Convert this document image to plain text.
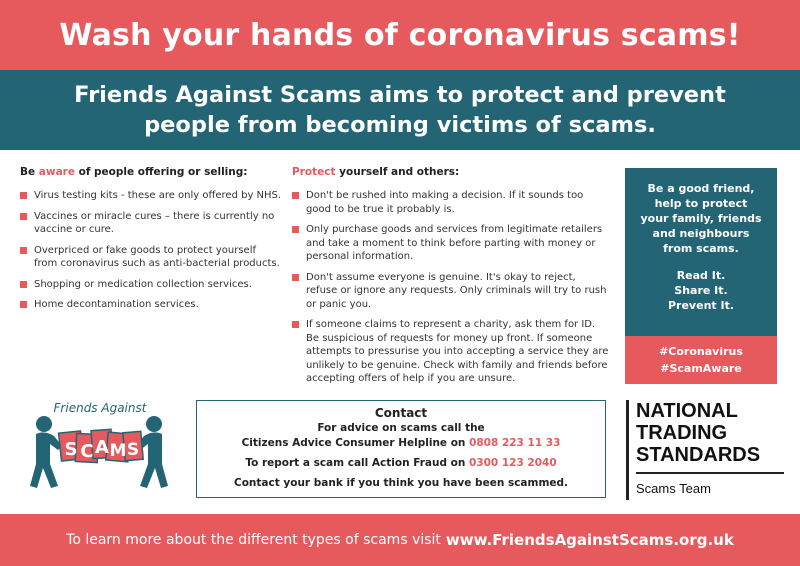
Wash your hands of coronavirus scams!
Friends Against Scams aims to protect and prevent
people from becoming victims of scams.
Be aware of people offering or selling:
Virus testing kits - these are only offered by NHS.
Vaccines or miracle cures – there is currently no vaccine or cure.
Overpriced or fake goods to protect yourself from coronavirus such as anti-bacterial products.
Shopping or medication collection services.
Home decontamination services.
Protect yourself and others:
Don't be rushed into making a decision. If it sounds too good to be true it probably is.
Only purchase goods and services from legitimate retailers and take a moment to think before parting with money or personal information.
Don't assume everyone is genuine. It's okay to reject, refuse or ignore any requests. Only criminals will try to rush or panic you.
If someone claims to represent a charity, ask them for ID. Be suspicious of requests for money up front. If someone attempts to pressurise you into accepting a service they are unlikely to be genuine. Check with family and friends before accepting offers of help if you are unsure.
Be a good friend,
help to protect
your family, friends
and neighbours
from scams.
Read It.
Share It.
Prevent It.
#Coronavirus
#ScamAware
Friends Against
S C A M S
Contact
For advice on scams call the
Citizens Advice Consumer Helpline on 0808 223 11 33
To report a scam call Action Fraud on 0300 123 2040
Contact your bank if you think you have been scammed.
NATIONAL
TRADING
STANDARDS
Scams Team
To learn more about the different types of scams visit www.FriendsAgainstScams.org.uk
